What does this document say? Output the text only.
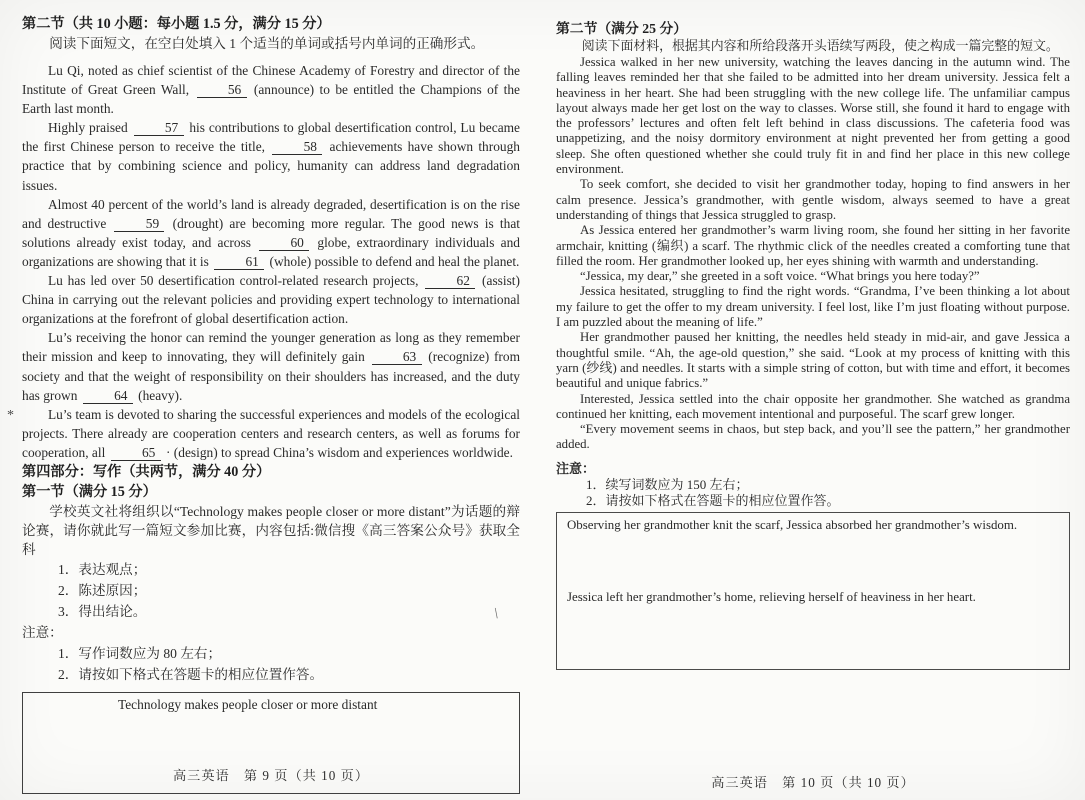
*
第二节（共 10 小题：每小题 1.5 分，满分 15 分）

阅读下面短文，在空白处填入 1 个适当的单词或括号内单词的正确形式。

Lu Qi, noted as chief scientist of the Chinese Academy of Forestry and director of the Institute of Great Green Wall, 56 (announce) to be entitled the Champions of the Earth last month.

Highly praised 57 his contributions to global desertification control, Lu became the first Chinese person to receive the title, 58 achievements have shown through practice that by combining science and policy, humanity can address land degradation issues.

Almost 40 percent of the world’s land is already degraded, desertification is on the rise and destructive 59 (drought) are becoming more regular. The good news is that solutions already exist today, and across 60 globe, extraordinary individuals and organizations are showing that it is 61 (whole) possible to defend and heal the planet.

Lu has led over 50 desertification control-related research projects, 62 (assist) China in carrying out the relevant policies and providing expert technology to international organizations at the forefront of global desertification action.

Lu’s receiving the honor can remind the younger generation as long as they remember their mission and keep to innovating, they will definitely gain 63 (recognize) from society and that the weight of responsibility on their shoulders has increased, and the duty has grown 64 (heavy).

Lu’s team is devoted to sharing the successful experiences and models of the ecological projects. There already are cooperation centers and research centers, as well as forums for cooperation, all 65 · (design) to spread China’s wisdom and experiences worldwide.

第四部分：写作（共两节，满分 40 分）
第一节（满分 15 分）

学校英文社将组织以“Technology makes people closer or more distant”为话题的辩论赛，请你就此写一篇短文参加比赛，内容包括:微信搜《高三答案公众号》获取全科

1．表达观点；

2．陈述原因；

3．得出结论。

注意：

1．写作词数应为 80 左右；

2．请按如下格式在答题卡的相应位置作答。

Technology makes people closer or more distant

高三英语　第 9 页（共 10 页）
第二节（满分 25 分）

阅读下面材料，根据其内容和所给段落开头语续写两段，使之构成一篇完整的短文。

Jessica walked in her new university, watching the leaves dancing in the autumn wind. The falling leaves reminded her that she failed to be admitted into her dream university. Jessica felt a heaviness in her heart. She had been struggling with the new college life. The unfamiliar campus layout always made her get lost on the way to classes. Worse still, she found it hard to engage with the professors’ lectures and often felt left behind in class discussions. The cafeteria food was unappetizing, and the noisy dormitory environment at night prevented her from getting a good sleep. She often questioned whether she could truly fit in and find her place in this new college environment.

To seek comfort, she decided to visit her grandmother today, hoping to find answers in her calm presence. Jessica’s grandmother, with gentle wisdom, always seemed to have a great understanding of things that Jessica struggled to grasp.

As Jessica entered her grandmother’s warm living room, she found her sitting in her favorite armchair, knitting (编织) a scarf. The rhythmic click of the needles created a comforting tune that filled the room. Her grandmother looked up, her eyes shining with warmth and understanding.

“Jessica, my dear,” she greeted in a soft voice. “What brings you here today?”

Jessica hesitated, struggling to find the right words. “Grandma, I’ve been thinking a lot about my failure to get the offer to my dream university. I feel lost, like I’m just floating without purpose. I am puzzled about the meaning of life.”

Her grandmother paused her knitting, the needles held steady in mid-air, and gave Jessica a thoughtful smile. “Ah, the age-old question,” she said. “Look at my process of knitting with this yarn (纱线) and needles. It starts with a simple string of cotton, but with time and effort, it becomes beautiful and unique fabrics.”

Interested, Jessica settled into the chair opposite her grandmother. She watched as grandma continued her knitting, each movement intentional and purposeful. The scarf grew longer.

“Every movement seems in chaos, but step back, and you’ll see the pattern,” her grandmother added.

注意：

1．续写词数应为 150 左右；

2．请按如下格式在答题卡的相应位置作答。

Observing her grandmother knit the scarf, Jessica absorbed her grandmother’s wisdom.

Jessica left her grandmother’s home, relieving herself of heaviness in her heart.

高三英语　第 10 页（共 10 页）
\
